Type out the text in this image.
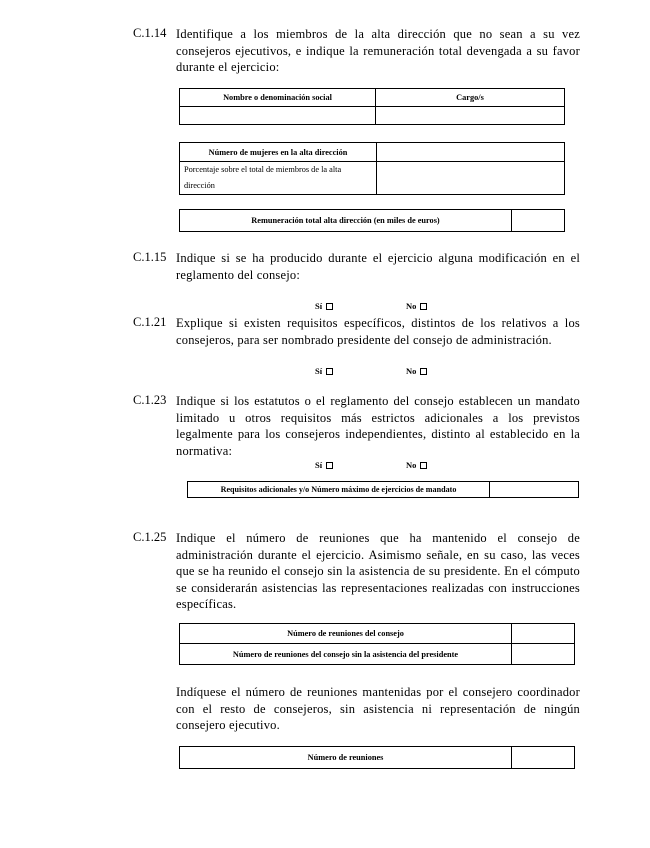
C.1.14 Identifique a los miembros de la alta dirección que no sean a su vez consejeros ejecutivos, e indique la remuneración total devengada a su favor durante el ejercicio:
Nombre o denominación social	Cargo/s

Número de mujeres en la alta dirección	
Porcentaje sobre el total de miembros de la alta dirección	
Remuneración total alta dirección (en miles de euros)	
C.1.15 Indique si se ha producido durante el ejercicio alguna modificación en el reglamento del consejo:
Sí	No
C.1.21 Explique si existen requisitos específicos, distintos de los relativos a los consejeros, para ser nombrado presidente del consejo de administración.
Sí	No
C.1.23 Indique si los estatutos o el reglamento del consejo establecen un mandato limitado u otros requisitos más estrictos adicionales a los previstos legalmente para los consejeros independientes, distinto al establecido en la normativa:
Sí	No
Requisitos adicionales y/o Número máximo de ejercicios de mandato	
C.1.25 Indique el número de reuniones que ha mantenido el consejo de administración durante el ejercicio. Asimismo señale, en su caso, las veces que se ha reunido el consejo sin la asistencia de su presidente. En el cómputo se considerarán asistencias las representaciones realizadas con instrucciones específicas.
Número de reuniones del consejo	
Número de reuniones del consejo sin la asistencia del presidente	
Indíquese el número de reuniones mantenidas por el consejero coordinador con el resto de consejeros, sin asistencia ni representación de ningún consejero ejecutivo.
Número de reuniones	
